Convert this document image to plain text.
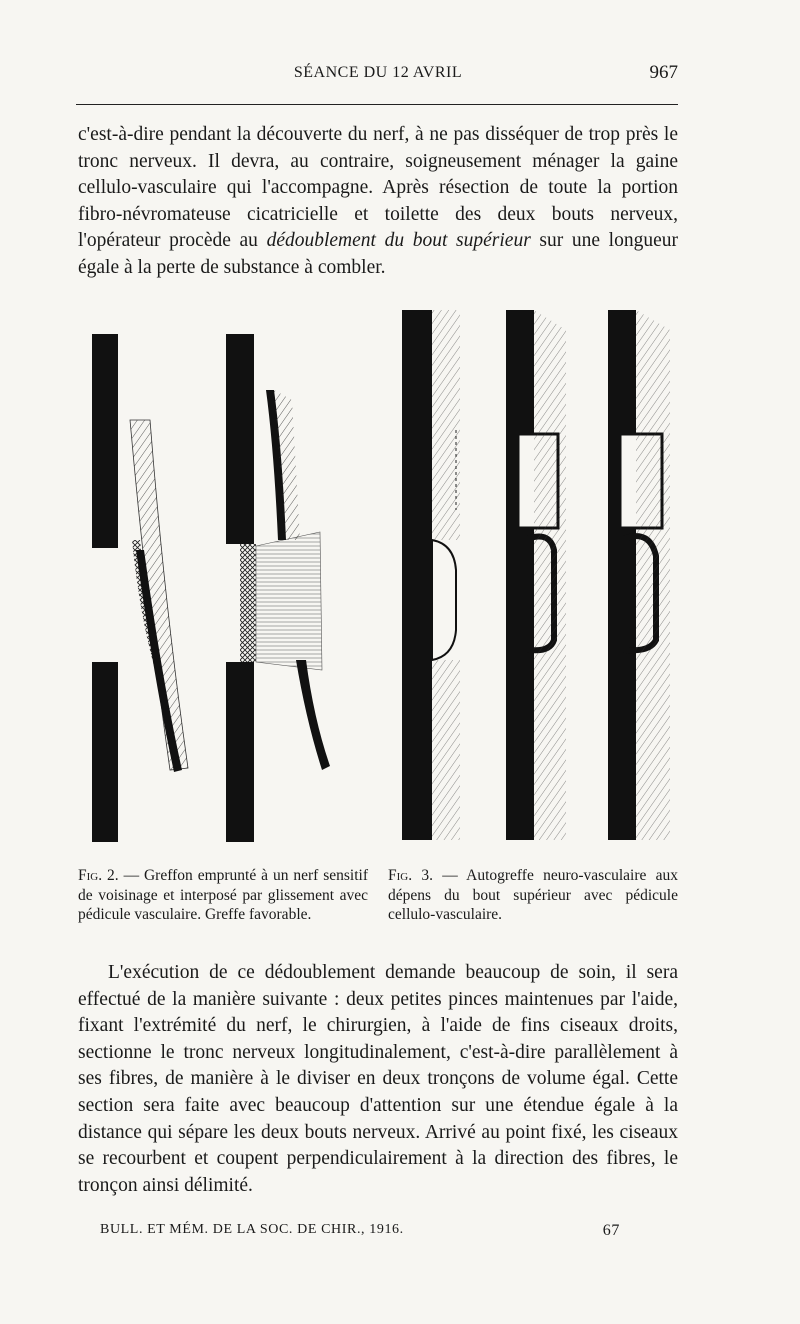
SÉANCE DU 12 AVRIL	967
c'est-à-dire pendant la découverte du nerf, à ne pas disséquer de trop près le tronc nerveux. Il devra, au contraire, soigneusement ménager la gaine cellulo-vasculaire qui l'accompagne. Après résection de toute la portion fibro-névromateuse cicatricielle et toilette des deux bouts nerveux, l'opérateur procède au dédoublement du bout supérieur sur une longueur égale à la perte de substance à combler.
Fig. 2. — Greffon emprunté à un nerf sensitif de voisinage et interposé par glissement avec pédicule vasculaire. Greffe favorable.
Fig. 3. — Autogreffe neuro-vasculaire aux dépens du bout supérieur avec pédicule cellulo-vasculaire.
L'exécution de ce dédoublement demande beaucoup de soin, il sera effectué de la manière suivante : deux petites pinces maintenues par l'aide, fixant l'extrémité du nerf, le chirurgien, à l'aide de fins ciseaux droits, sectionne le tronc nerveux longitudinalement, c'est-à-dire parallèlement à ses fibres, de manière à le diviser en deux tronçons de volume égal. Cette section sera faite avec beaucoup d'attention sur une étendue égale à la distance qui sépare les deux bouts nerveux. Arrivé au point fixé, les ciseaux se recourbent et coupent perpendiculairement à la direction des fibres, le tronçon ainsi délimité.
BULL. ET MÉM. DE LA SOC. DE CHIR., 1916.	67
